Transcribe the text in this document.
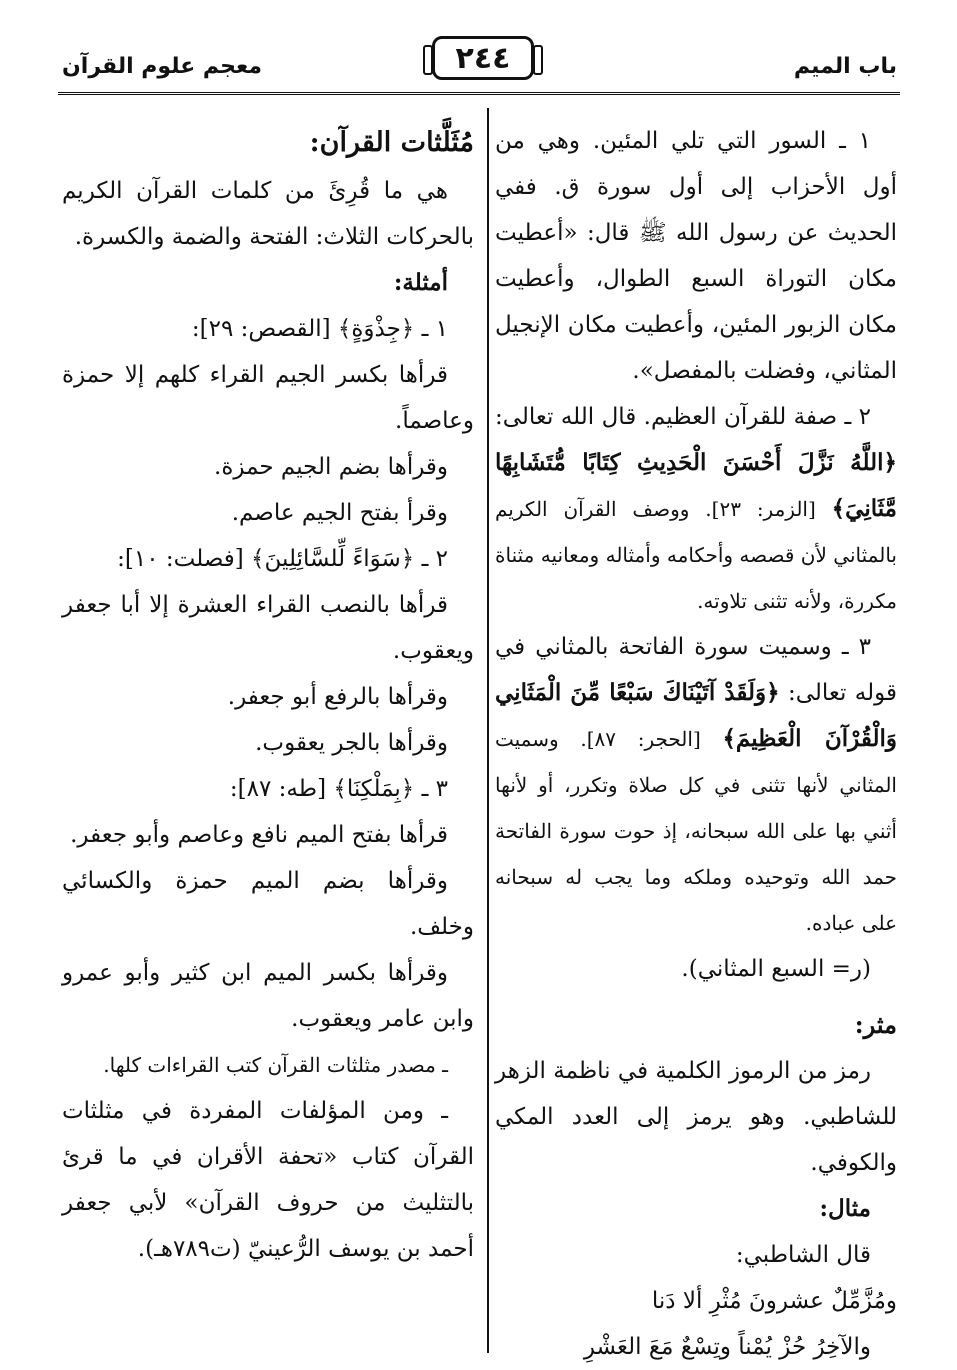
باب الميم
٢٤٤
معجم علوم القرآن

١ ـ السور التي تلي المئين. وهي من أول الأحزاب إلى أول سورة ق. ففي الحديث عن رسول الله ﷺ قال: «أعطيت مكان التوراة السبع الطوال، وأعطيت مكان الزبور المئين، وأعطيت مكان الإنجيل المثاني، وفضلت بالمفصل».

٢ ـ صفة للقرآن العظيم. قال الله تعالى: ﴿اللَّهُ نَزَّلَ أَحْسَنَ الْحَدِيثِ كِتَابًا مُّتَشَابِهًا مَّثَانِيَ﴾ [الزمر: ٢٣]. ووصف القرآن الكريم بالمثاني لأن قصصه وأحكامه وأمثاله ومعانيه مثناة مكررة، ولأنه تثنى تلاوته.

٣ ـ وسميت سورة الفاتحة بالمثاني في قوله تعالى: ﴿وَلَقَدْ آتَيْنَاكَ سَبْعًا مِّنَ الْمَثَانِي وَالْقُرْآنَ الْعَظِيمَ﴾ [الحجر: ٨٧]. وسميت المثاني لأنها تثنى في كل صلاة وتكرر، أو لأنها أثني بها على الله سبحانه، إذ حوت سورة الفاتحة حمد الله وتوحيده وملكه وما يجب له سبحانه على عباده.

(ر= السبع المثاني).

مثر:

رمز من الرموز الكلمية في ناظمة الزهر للشاطبي. وهو يرمز إلى العدد المكي والكوفي.

مثال:

قال الشاطبي:

ومُزَّمِّلٌ عشرونَ مُثْرِ ألا دَنا

والآخِرُ حُزْ يُمْناً وتِسْعٌ مَعَ العَشْرِ

مُثَلَّثات القرآن:

هي ما قُرِئَ من كلمات القرآن الكريم بالحركات الثلاث: الفتحة والضمة والكسرة.

أمثلة:

١ ـ ﴿جِذْوَةٍ﴾ [القصص: ٢٩]:

قرأها بكسر الجيم القراء كلهم إلا حمزة وعاصماً.

وقرأها بضم الجيم حمزة.

وقرأ بفتح الجيم عاصم.

٢ ـ ﴿سَوَاءً لِّلسَّائِلِينَ﴾ [فصلت: ١٠]:

قرأها بالنصب القراء العشرة إلا أبا جعفر ويعقوب.

وقرأها بالرفع أبو جعفر.

وقرأها بالجر يعقوب.

٣ ـ ﴿بِمَلْكِنَا﴾ [طه: ٨٧]:

قرأها بفتح الميم نافع وعاصم وأبو جعفر.

وقرأها بضم الميم حمزة والكسائي وخلف.

وقرأها بكسر الميم ابن كثير وأبو عمرو وابن عامر ويعقوب.

ـ مصدر مثلثات القرآن كتب القراءات كلها.

ـ ومن المؤلفات المفردة في مثلثات القرآن كتاب «تحفة الأقران في ما قرئ بالتثليث من حروف القرآن» لأبي جعفر أحمد بن يوسف الرُّعينيّ (ت٧٨٩هـ).
